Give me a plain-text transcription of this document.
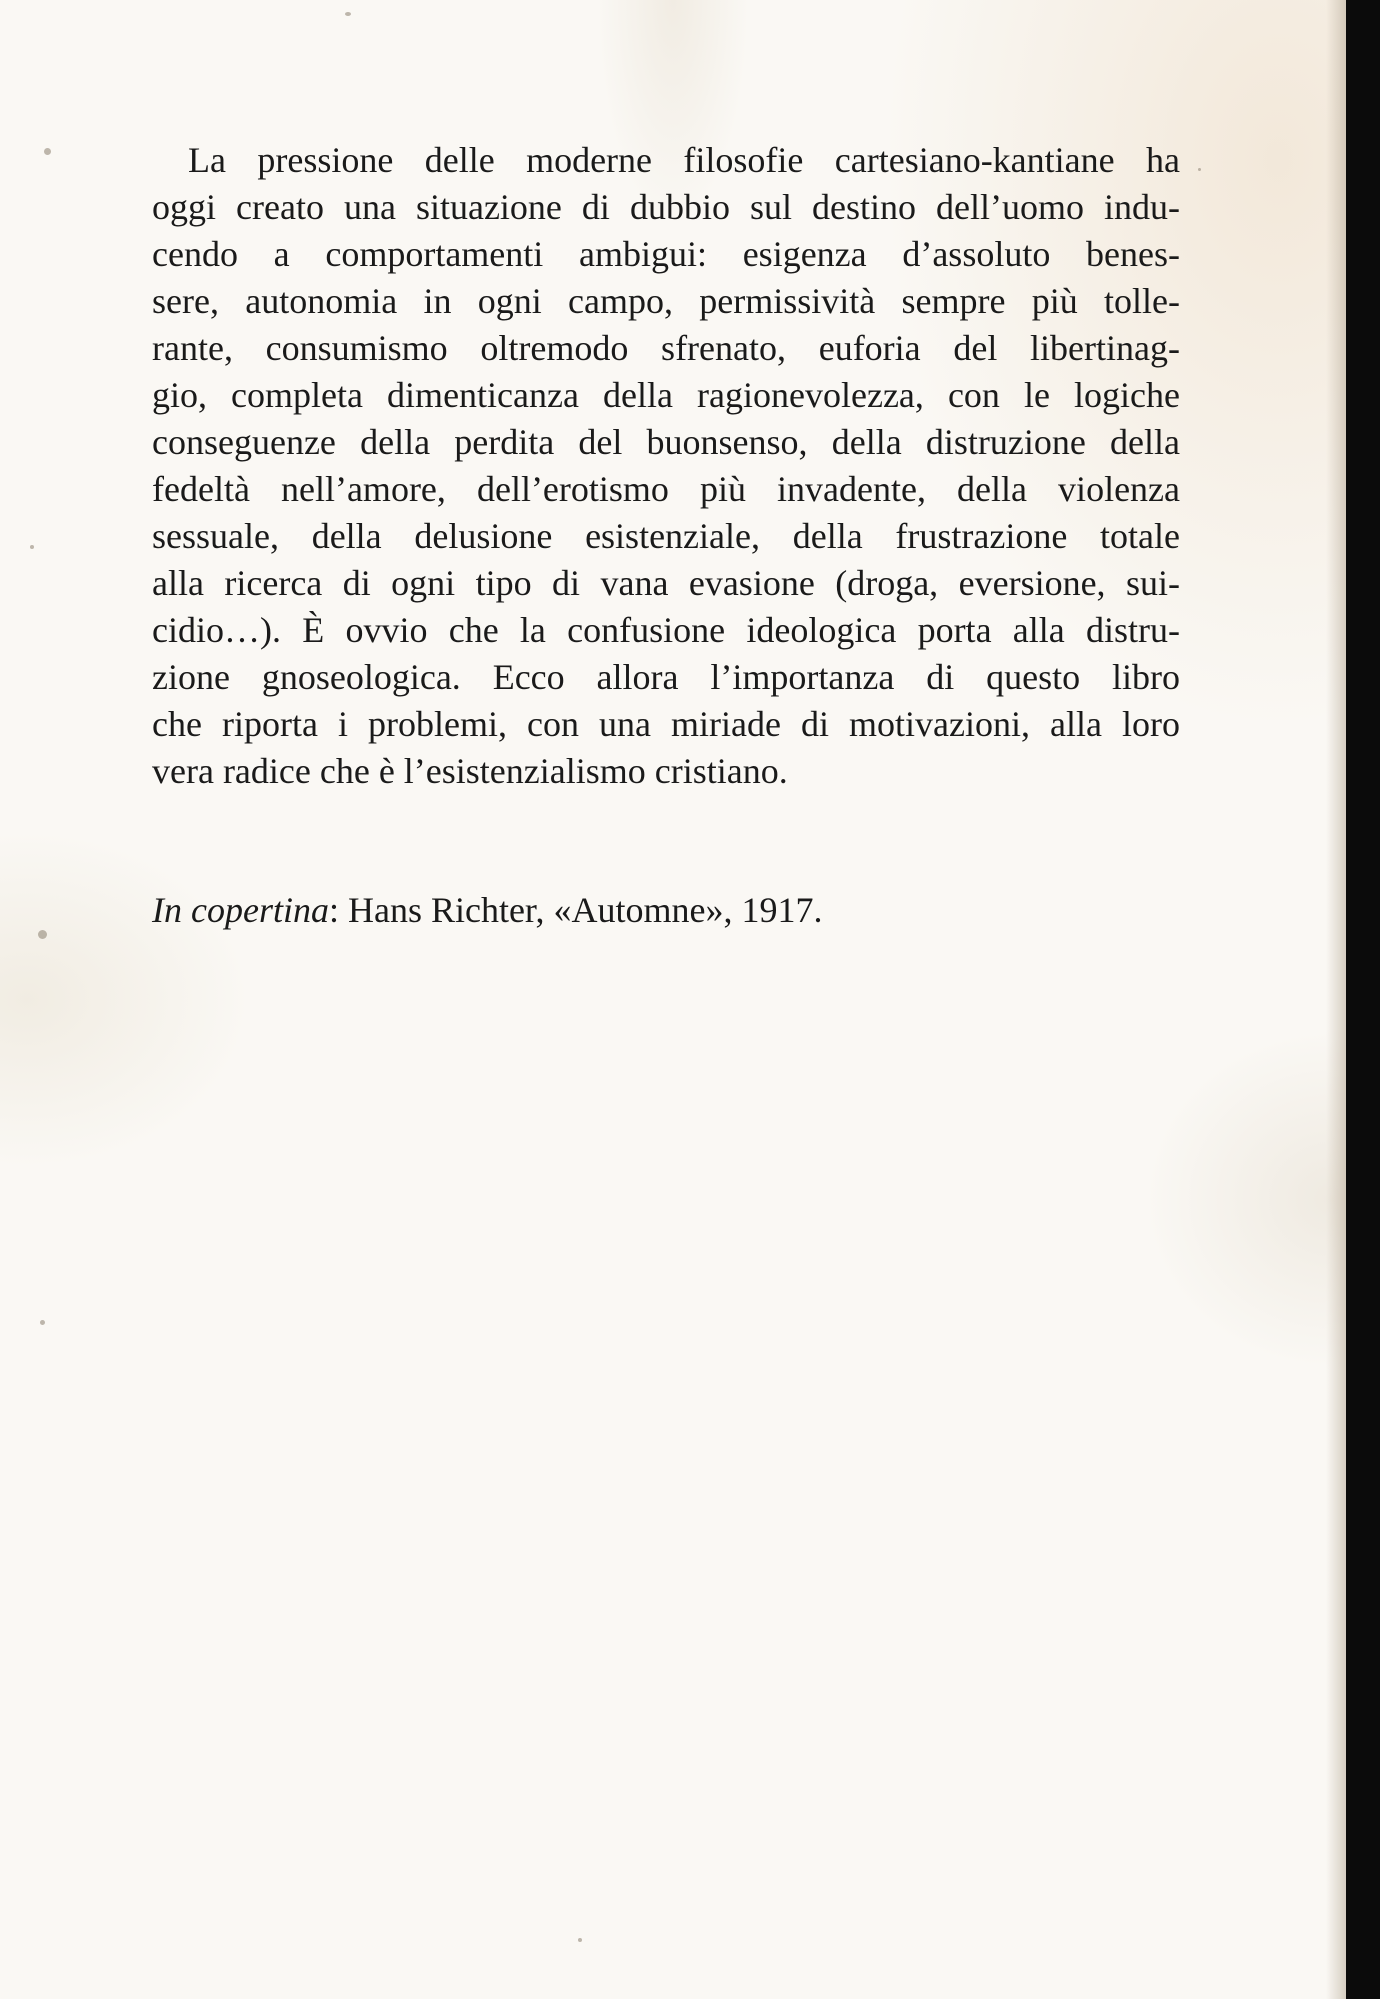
La pressione delle moderne filosofie cartesiano-kantiane ha
oggi creato una situazione di dubbio sul destino dell’uomo indu-
cendo a comportamenti ambigui: esigenza d’assoluto benes-
sere, autonomia in ogni campo, permissività sempre più tolle-
rante, consumismo oltremodo sfrenato, euforia del libertinag-
gio, completa dimenticanza della ragionevolezza, con le logiche
conseguenze della perdita del buonsenso, della distruzione della
fedeltà nell’amore, dell’erotismo più invadente, della violenza
sessuale, della delusione esistenziale, della frustrazione totale
alla ricerca di ogni tipo di vana evasione (droga, eversione, sui-
cidio…). È ovvio che la confusione ideologica porta alla distru-
zione gnoseologica. Ecco allora l’importanza di questo libro
che riporta i problemi, con una miriade di motivazioni, alla loro
vera radice che è l’esistenzialismo cristiano.

In copertina: Hans Richter, «Automne», 1917.
